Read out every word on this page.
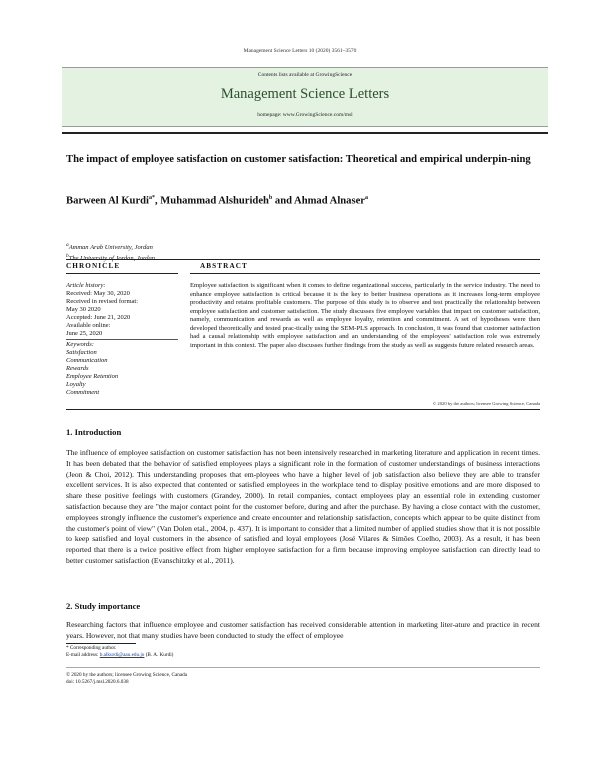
Management Science Letters 10 (2020) 3561–3570
Contents lists available at GrowingScience
Management Science Letters
homepage: www.GrowingScience.com/msl
The impact of employee satisfaction on customer satisfaction: Theoretical and empirical underpin-ning
Barween Al Kurdi$^{a*}$, Muhammad Alshurideh$^b$ and Ahmad Alnaser$^a$
$^a$Amman Arab University, Jordan
$^b$The University of Jordan, Jordan
CHRONICLE	ABSTRACT
Article history:
Received: May 30, 2020
Received in revised format:
May 30 2020
Accepted: June 21, 2020
Available online:
June 25, 2020
Keywords:
Satisfaction
Communication
Rewards
Employee Retention
Loyalty
Commitment
Employee satisfaction is significant when it comes to define organizational success, particularly in the service industry. The need to enhance employee satisfaction is critical because it is the key to better business operations as it increases long-term employee productivity and retains profitable customers. The purpose of this study is to observe and test practically the relationship between employee satisfaction and customer satisfaction. The study discusses five employee variables that impact on customer satisfaction, namely, communication and rewards as well as employee loyalty, retention and commitment. A set of hypotheses were then developed theoretically and tested prac-tically using the SEM-PLS approach. In conclusion, it was found that customer satisfaction had a causal relationship with employee satisfaction and an understanding of the employees' satisfaction role was extremely important in this context. The paper also discusses further findings from the study as well as suggests future related research areas.
© 2020 by the authors; licensee Growing Science, Canada
1. Introduction
The influence of employee satisfaction on customer satisfaction has not been intensively researched in marketing literature and application in recent times. It has been debated that the behavior of satisfied employees plays a significant role in the formation of customer understandings of business interactions (Jeon & Choi, 2012). This understanding proposes that em-ployees who have a higher level of job satisfaction also believe they are able to transfer excellent services. It is also expected that contented or satisfied employees in the workplace tend to display positive emotions and are more disposed to share these positive feelings with customers (Grandey, 2000). In retail companies, contact employees play an essential role in extending customer satisfaction because they are "the major contact point for the customer before, during and after the purchase. By having a close contact with the customer, employees strongly influence the customer's experience and create encounter and relationship satisfaction, concepts which appear to be quite distinct from the customer's point of view" (Van Dolen etal., 2004, p. 437). It is important to consider that a limited number of applied studies show that it is not possible to keep satisfied and loyal customers in the absence of satisfied and loyal employees (José Vilares & Simões Coelho, 2003). As a result, it has been reported that there is a twice positive effect from higher employee satisfaction for a firm because improving employee satisfaction can directly lead to better customer satisfaction (Evanschitzky et al., 2011).
2. Study importance
Researching factors that influence employee and customer satisfaction has received considerable attention in marketing liter-ature and practice in recent years. However, not that many studies have been conducted to study the effect of employee
* Corresponding author.
E-mail address: b.alkurdi@aau.edu.jo (B. A. Kurdi)
© 2020 by the authors; licensee Growing Science, Canada
doi: 10.5267/j.msl.2020.6.038
